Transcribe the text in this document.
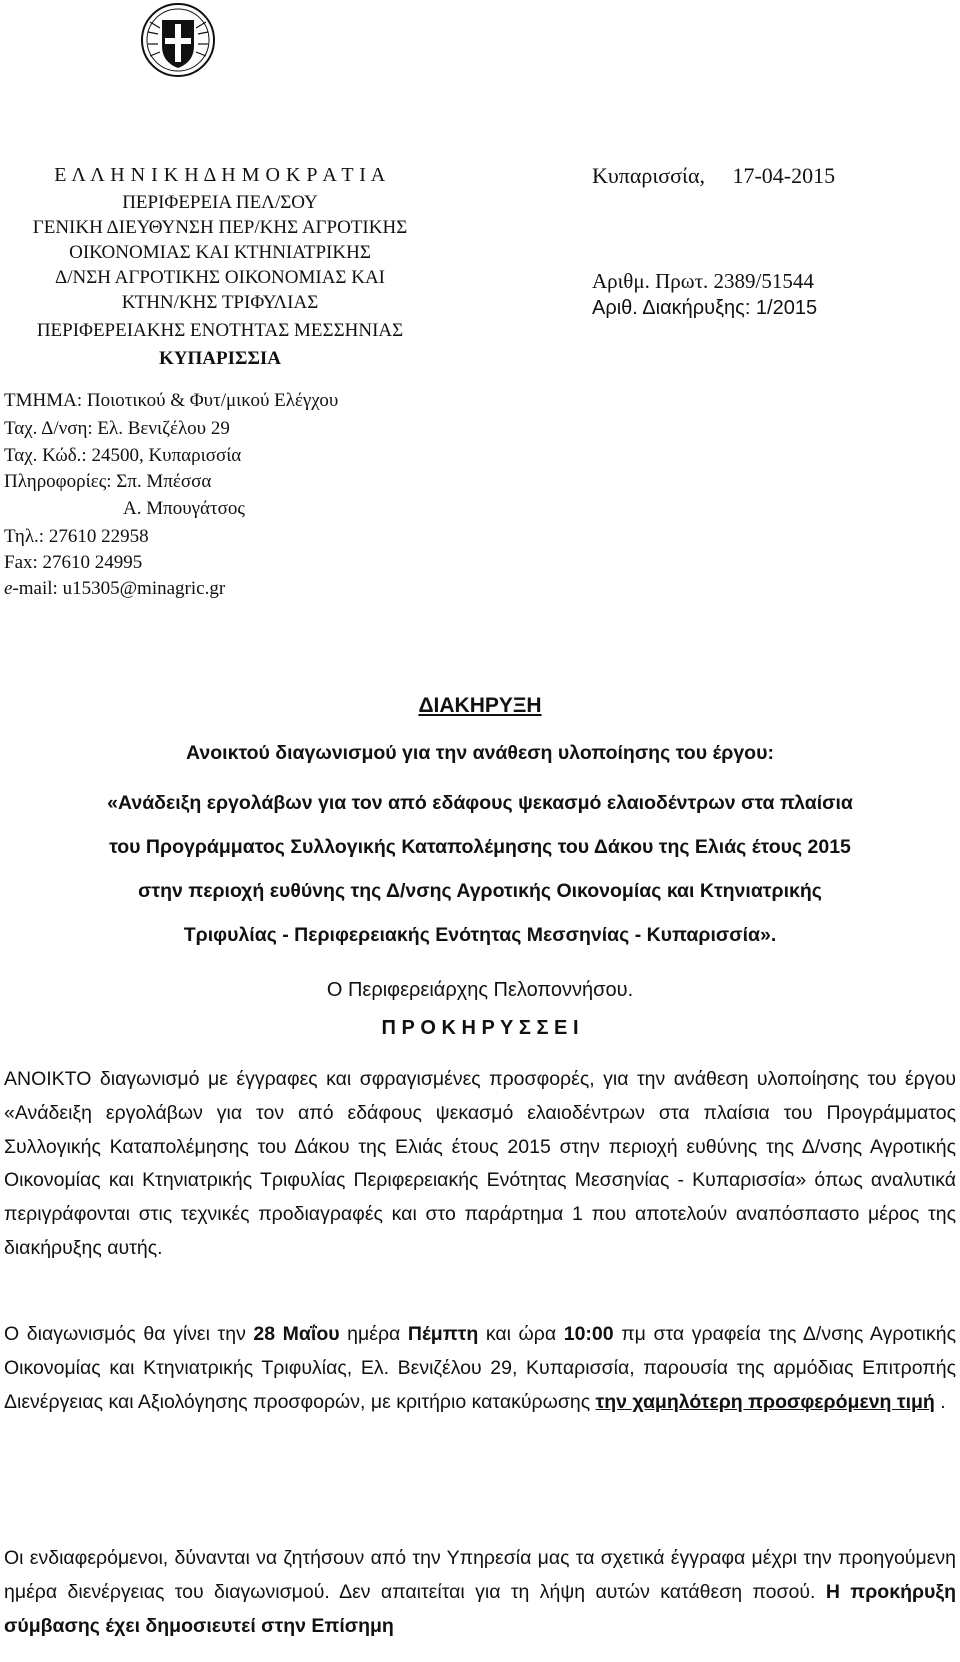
Ε Λ Λ Η Ν Ι Κ Η Δ Η Μ Ο Κ Ρ Α Τ Ι Α
ΠΕΡΙΦΕΡΕΙΑ ΠΕΛ/ΣΟΥ
ΓΕΝΙΚΗ ΔΙΕΥΘΥΝΣΗ ΠΕΡ/ΚΗΣ ΑΓΡΟΤΙΚΗΣ
ΟΙΚΟΝΟΜΙΑΣ ΚΑΙ ΚΤΗΝΙΑΤΡΙΚΗΣ
Δ/ΝΣΗ ΑΓΡΟΤΙΚΗΣ ΟΙΚΟΝΟΜΙΑΣ ΚΑΙ
ΚΤΗΝ/ΚΗΣ ΤΡΙΦΥΛΙΑΣ
ΠΕΡΙΦΕΡΕΙΑΚΗΣ ΕΝΟΤΗΤΑΣ ΜΕΣΣΗΝΙΑΣ
ΚΥΠΑΡΙΣΣΙΑ
ΤΜΗΜΑ: Ποιοτικού & Φυτ/μικού Ελέγχου
Ταχ. Δ/νση: Ελ. Βενιζέλου 29
Ταχ. Κώδ.: 24500, Κυπαρισσία
Πληροφορίες: Σπ. Μπέσσα
Α. Μπουγάτσος
Τηλ.: 27610 22958
Fax: 27610 24995
e-mail: u15305@minagric.gr
Κυπαρισσία,     17-04-2015
Αριθμ. Πρωτ. 2389/51544
Αριθ. Διακήρυξης: 1/2015
ΔΙΑΚΗΡΥΞΗ
Ανοικτού διαγωνισμού για την ανάθεση υλοποίησης του έργου:
«Ανάδειξη εργολάβων για τον από εδάφους ψεκασμό ελαιοδέντρων στα πλαίσια
του Προγράμματος Συλλογικής Καταπολέμησης του Δάκου της Ελιάς έτους 2015
στην περιοχή ευθύνης της Δ/νσης Αγροτικής Οικονομίας και Κτηνιατρικής
Τριφυλίας - Περιφερειακής Ενότητας Μεσσηνίας - Κυπαρισσία».
Ο Περιφερειάρχης Πελοποννήσου.
Π Ρ Ο Κ Η Ρ Υ Σ Σ Ε Ι
ΑΝΟΙΚΤΟ διαγωνισμό με έγγραφες και σφραγισμένες προσφορές, για την ανάθεση υλοποίησης του έργου «Ανάδειξη εργολάβων για τον από εδάφους ψεκασμό ελαιοδέντρων στα πλαίσια του Προγράμματος Συλλογικής Καταπολέμησης του Δάκου της Ελιάς έτους 2015 στην περιοχή ευθύνης της Δ/νσης Αγροτικής Οικονομίας και Κτηνιατρικής Τριφυλίας Περιφερειακής Ενότητας Μεσσηνίας - Κυπαρισσία» όπως αναλυτικά περιγράφονται στις τεχνικές προδιαγραφές και στο παράρτημα 1 που αποτελούν αναπόσπαστο μέρος της διακήρυξης αυτής.
Ο διαγωνισμός θα γίνει την 28 Μαΐου ημέρα Πέμπτη και ώρα 10:00 πμ στα γραφεία της Δ/νσης Αγροτικής Οικονομίας και Κτηνιατρικής Τριφυλίας, Ελ. Βενιζέλου 29, Κυπαρισσία, παρουσία της αρμόδιας Επιτροπής Διενέργειας και Αξιολόγησης προσφορών, με κριτήριο κατακύρωσης την χαμηλότερη προσφερόμενη τιμή .
Οι ενδιαφερόμενοι, δύνανται να ζητήσουν από την Υπηρεσία μας τα σχετικά έγγραφα μέχρι την προηγούμενη ημέρα διενέργειας του διαγωνισμού. Δεν απαιτείται για τη λήψη αυτών κατάθεση ποσού. Η προκήρυξη σύμβασης έχει δημοσιευτεί στην Επίσημη
